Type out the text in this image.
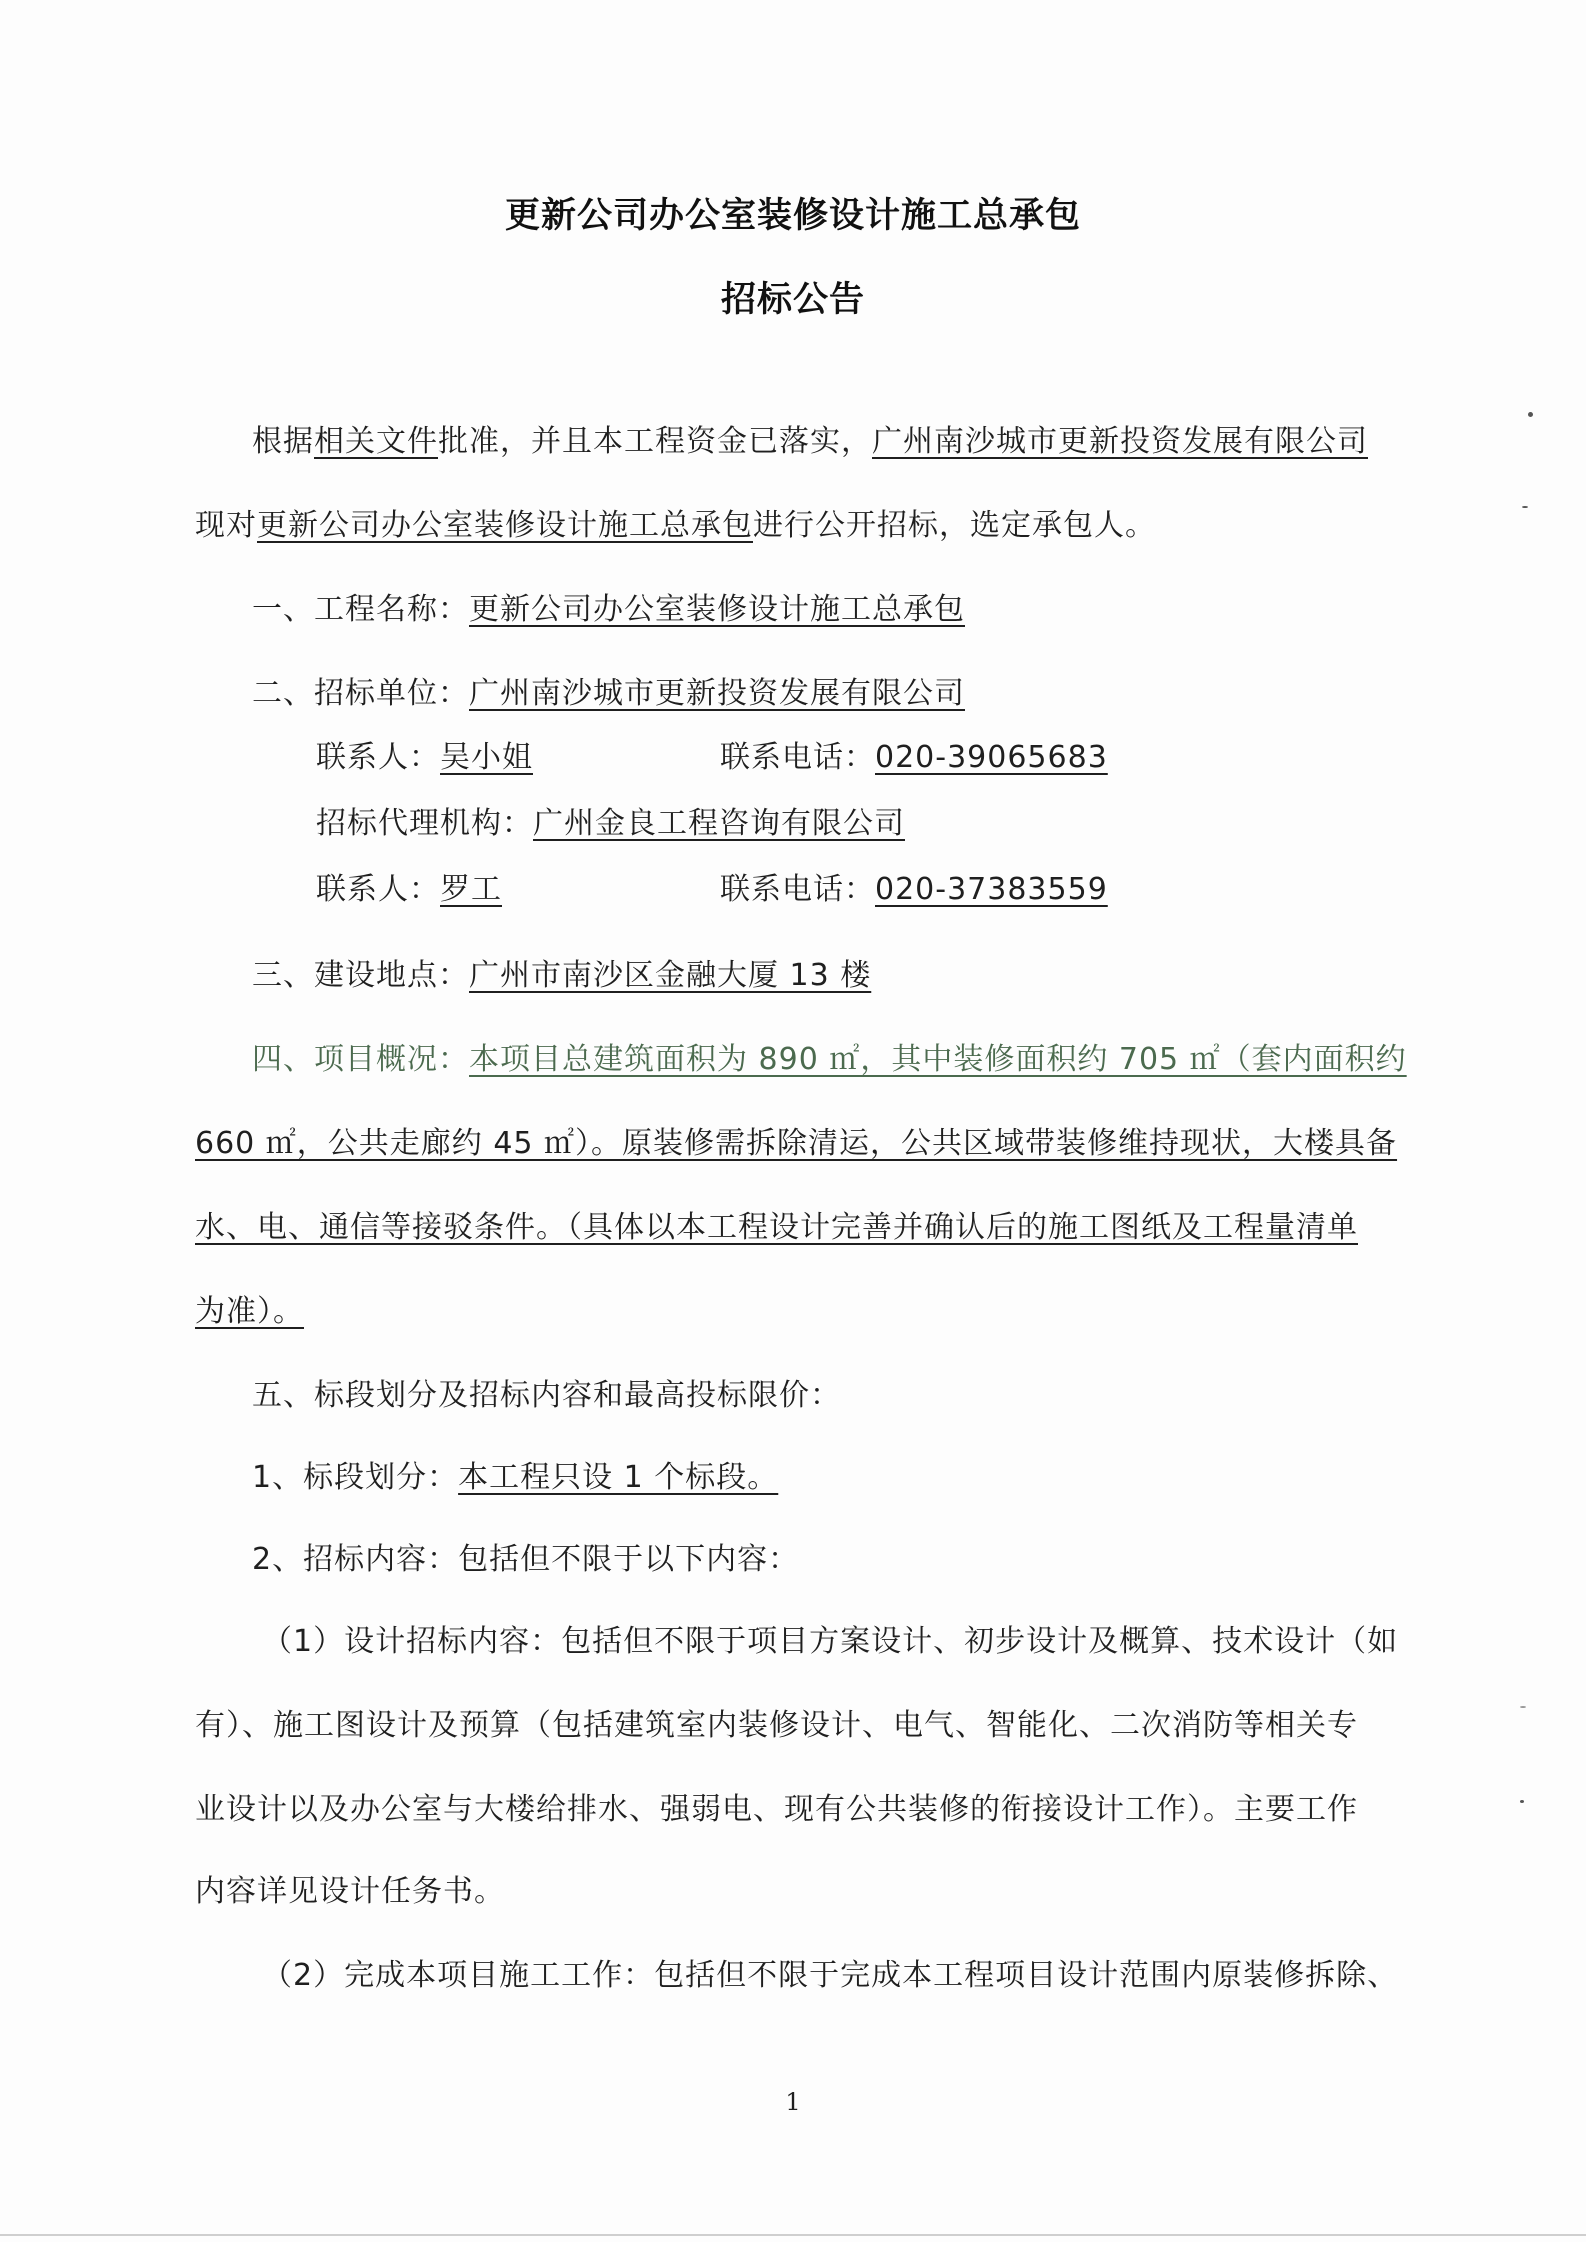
更新公司办公室装修设计施工总承包
招标公告
根据相关文件批准，并且本工程资金已落实，广州南沙城市更新投资发展有限公司
现对更新公司办公室装修设计施工总承包进行公开招标，选定承包人。
一、工程名称：更新公司办公室装修设计施工总承包
二、招标单位：广州南沙城市更新投资发展有限公司
联系人：吴小姐	联系电话：020-39065683
招标代理机构：广州金良工程咨询有限公司
联系人：罗工	联系电话：020-37383559
三、建设地点：广州市南沙区金融大厦 13 楼
四、项目概况：本项目总建筑面积为 890 ㎡，其中装修面积约 705 ㎡（套内面积约
660 ㎡，公共走廊约 45 ㎡）。原装修需拆除清运，公共区域带装修维持现状，大楼具备
水、电、通信等接驳条件。（具体以本工程设计完善并确认后的施工图纸及工程量清单
为准）。
五、标段划分及招标内容和最高投标限价：
1、标段划分：本工程只设 1 个标段。
2、招标内容：包括但不限于以下内容：
（1）设计招标内容：包括但不限于项目方案设计、初步设计及概算、技术设计（如
有）、施工图设计及预算（包括建筑室内装修设计、电气、智能化、二次消防等相关专
业设计以及办公室与大楼给排水、强弱电、现有公共装修的衔接设计工作）。主要工作
内容详见设计任务书。
（2）完成本项目施工工作：包括但不限于完成本工程项目设计范围内原装修拆除、
1
